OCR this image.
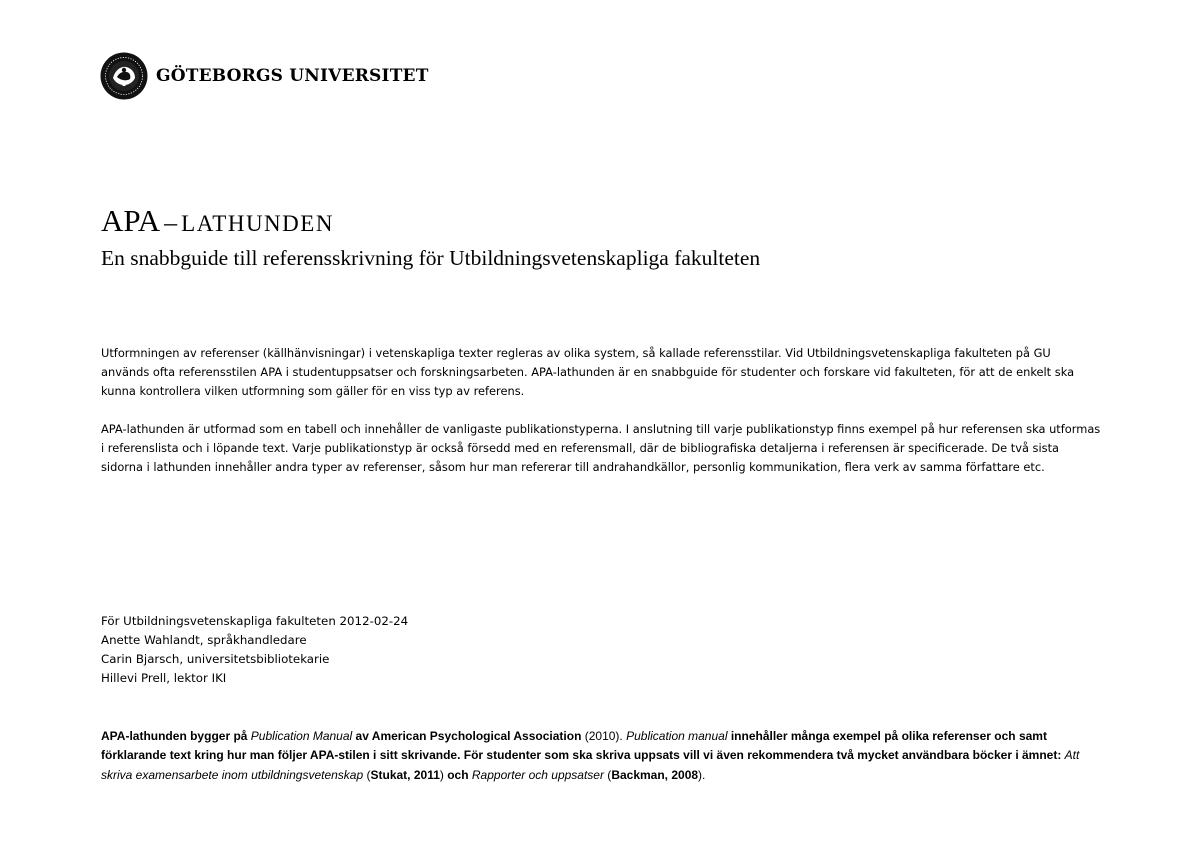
GÖTEBORGS UNIVERSITET
APA – LATHUNDEN
En snabbguide till referensskrivning för Utbildningsvetenskapliga fakulteten

Utformningen av referenser (källhänvisningar) i vetenskapliga texter regleras av olika system, så kallade referensstilar. Vid Utbildningsvetenskapliga fakulteten på GU används ofta referensstilen APA i studentuppsatser och forskningsarbeten. APA-lathunden är en snabbguide för studenter och forskare vid fakulteten, för att de enkelt ska kunna kontrollera vilken utformning som gäller för en viss typ av referens.

APA-lathunden är utformad som en tabell och innehåller de vanligaste publikationstyperna. I anslutning till varje publikationstyp finns exempel på hur referensen ska utformas i referenslista och i löpande text. Varje publikationstyp är också försedd med en referensmall, där de bibliografiska detaljerna i referensen är specificerade. De två sista sidorna i lathunden innehåller andra typer av referenser, såsom hur man refererar till andrahandkällor, personlig kommunikation, flera verk av samma författare etc.

För Utbildningsvetenskapliga fakulteten 2012-02-24
Anette Wahlandt, språkhandledare
Carin Bjarsch, universitetsbibliotekarie
Hillevi Prell, lektor IKI

APA-lathunden bygger på Publication Manual av American Psychological Association (2010). Publication manual innehåller många exempel på olika referenser och samt förklarande text kring hur man följer APA-stilen i sitt skrivande. För studenter som ska skriva uppsats vill vi även rekommendera två mycket användbara böcker i ämnet: Att skriva examensarbete inom utbildningsvetenskap (Stukat, 2011) och Rapporter och uppsatser (Backman, 2008).
